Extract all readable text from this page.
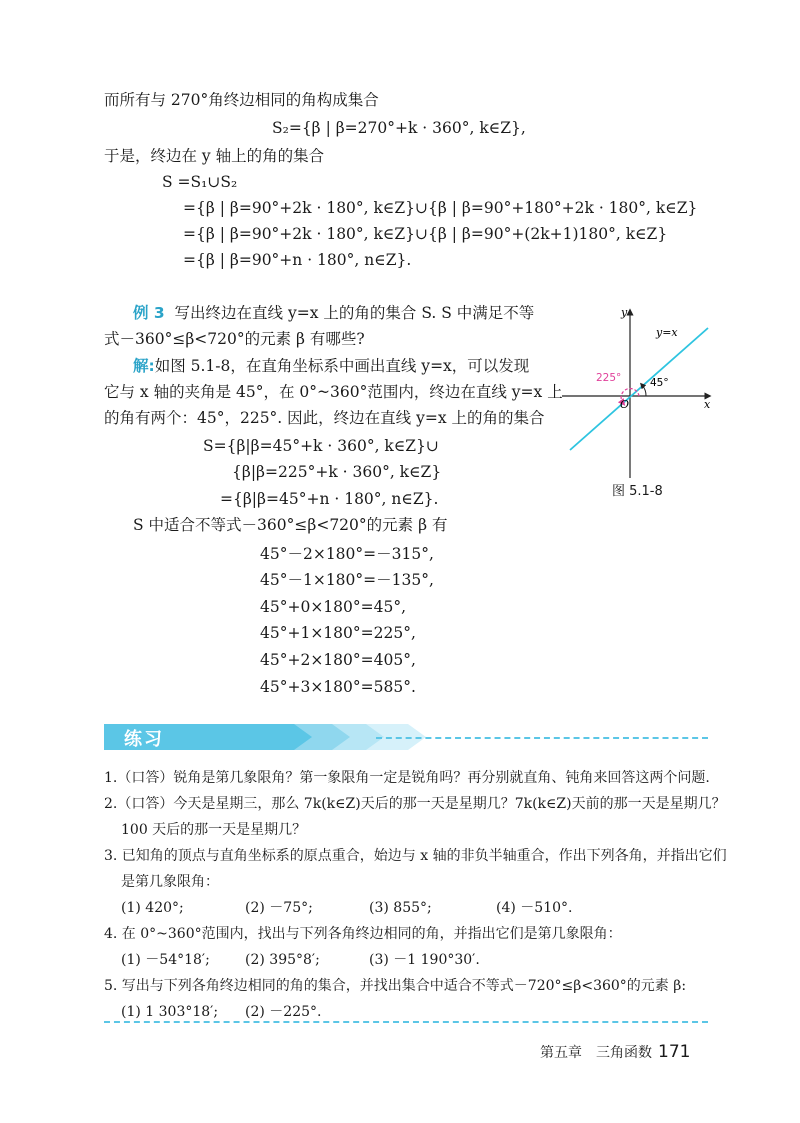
而所有与 270°角终边相同的角构成集合
S₂={β | β=270°+k · 360°, k∈Z},
于是，终边在 y 轴上的角的集合
S =S₁∪S₂
={β | β=90°+2k · 180°, k∈Z}∪{β | β=90°+180°+2k · 180°, k∈Z}
={β | β=90°+2k · 180°, k∈Z}∪{β | β=90°+(2k+1)180°, k∈Z}
={β | β=90°+n · 180°, n∈Z}.
例 3 写出终边在直线 y=x 上的角的集合 S. S 中满足不等
式－360°≤β<720°的元素 β 有哪些?
解:如图 5.1-8，在直角坐标系中画出直线 y=x，可以发现
它与 x 轴的夹角是 45°，在 0°~360°范围内，终边在直线 y=x 上
的角有两个：45°，225°. 因此，终边在直线 y=x 上的角的集合
S={β|β=45°+k · 360°, k∈Z}∪
{β|β=225°+k · 360°, k∈Z}
={β|β=45°+n · 180°, n∈Z}.
S 中适合不等式－360°≤β<720°的元素 β 有
45°－2×180°=－315°,
45°－1×180°=－135°,
45°+0×180°=45°,
45°+1×180°=225°,
45°+2×180°=405°,
45°+3×180°=585°.
y
x
O
y=x
45°
225°
图 5.1-8
练习
1.（口答）锐角是第几象限角？第一象限角一定是锐角吗？再分别就直角、钝角来回答这两个问题.
2.（口答）今天是星期三，那么 7k(k∈Z)天后的那一天是星期几？7k(k∈Z)天前的那一天是星期几？
100 天后的那一天是星期几？
3. 已知角的顶点与直角坐标系的原点重合，始边与 x 轴的非负半轴重合，作出下列各角，并指出它们
是第几象限角：
(1) 420°;	(2) －75°;	(3) 855°;	(4) －510°.
4. 在 0°~360°范围内，找出与下列各角终边相同的角，并指出它们是第几象限角：
(1) －54°18′;	(2) 395°8′;	(3) －1 190°30′.
5. 写出与下列各角终边相同的角的集合，并找出集合中适合不等式－720°≤β<360°的元素 β:
(1) 1 303°18′; (2) －225°.
第五章　三角函数 171
